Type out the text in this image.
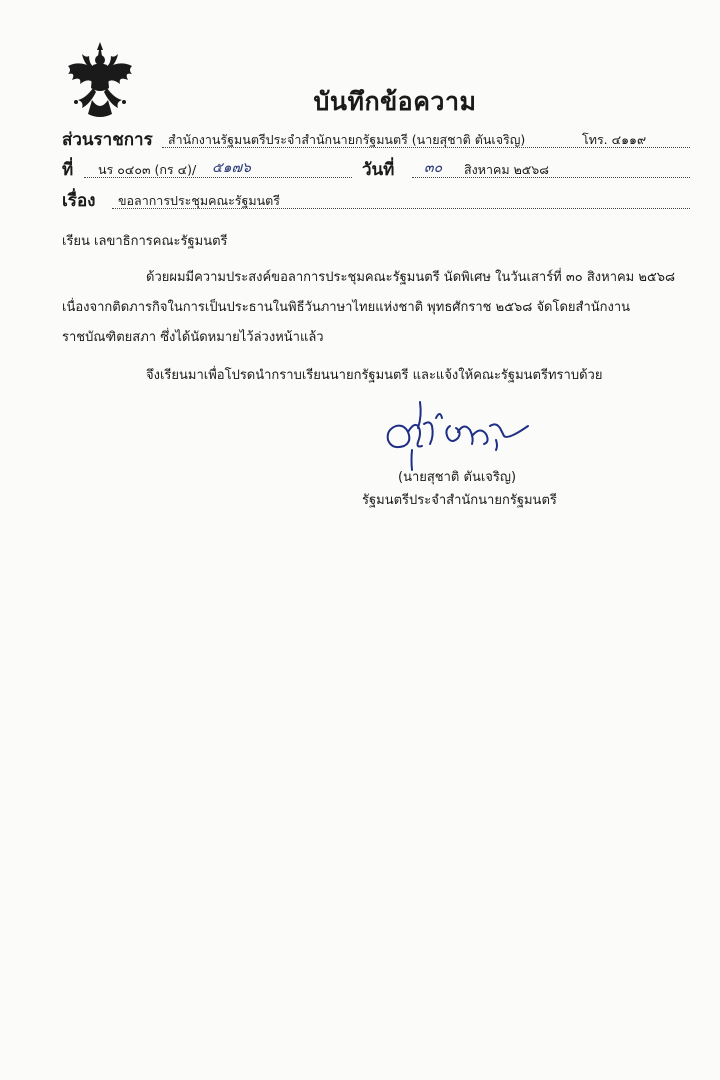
บันทึกข้อความ
ส่วนราชการ สำนักงานรัฐมนตรีประจำสำนักนายกรัฐมนตรี (นายสุชาติ ตันเจริญ)	โทร. ๔๑๑๙
ที่ นร ๐๔๐๓ (กร ๔)/ ๕๑๗๖	วันที่ ๓๐ สิงหาคม ๒๕๖๘
เรื่อง ขอลาการประชุมคณะรัฐมนตรี
เรียน เลขาธิการคณะรัฐมนตรี
ด้วยผมมีความประสงค์ขอลาการประชุมคณะรัฐมนตรี นัดพิเศษ ในวันเสาร์ที่ ๓๐ สิงหาคม ๒๕๖๘
เนื่องจากติดภารกิจในการเป็นประธานในพิธีวันภาษาไทยแห่งชาติ พุทธศักราช ๒๕๖๘ จัดโดยสำนักงาน
ราชบัณฑิตยสภา ซึ่งได้นัดหมายไว้ล่วงหน้าแล้ว
จึงเรียนมาเพื่อโปรดนำกราบเรียนนายกรัฐมนตรี และแจ้งให้คณะรัฐมนตรีทราบด้วย
(นายสุชาติ ตันเจริญ)
รัฐมนตรีประจำสำนักนายกรัฐมนตรี
